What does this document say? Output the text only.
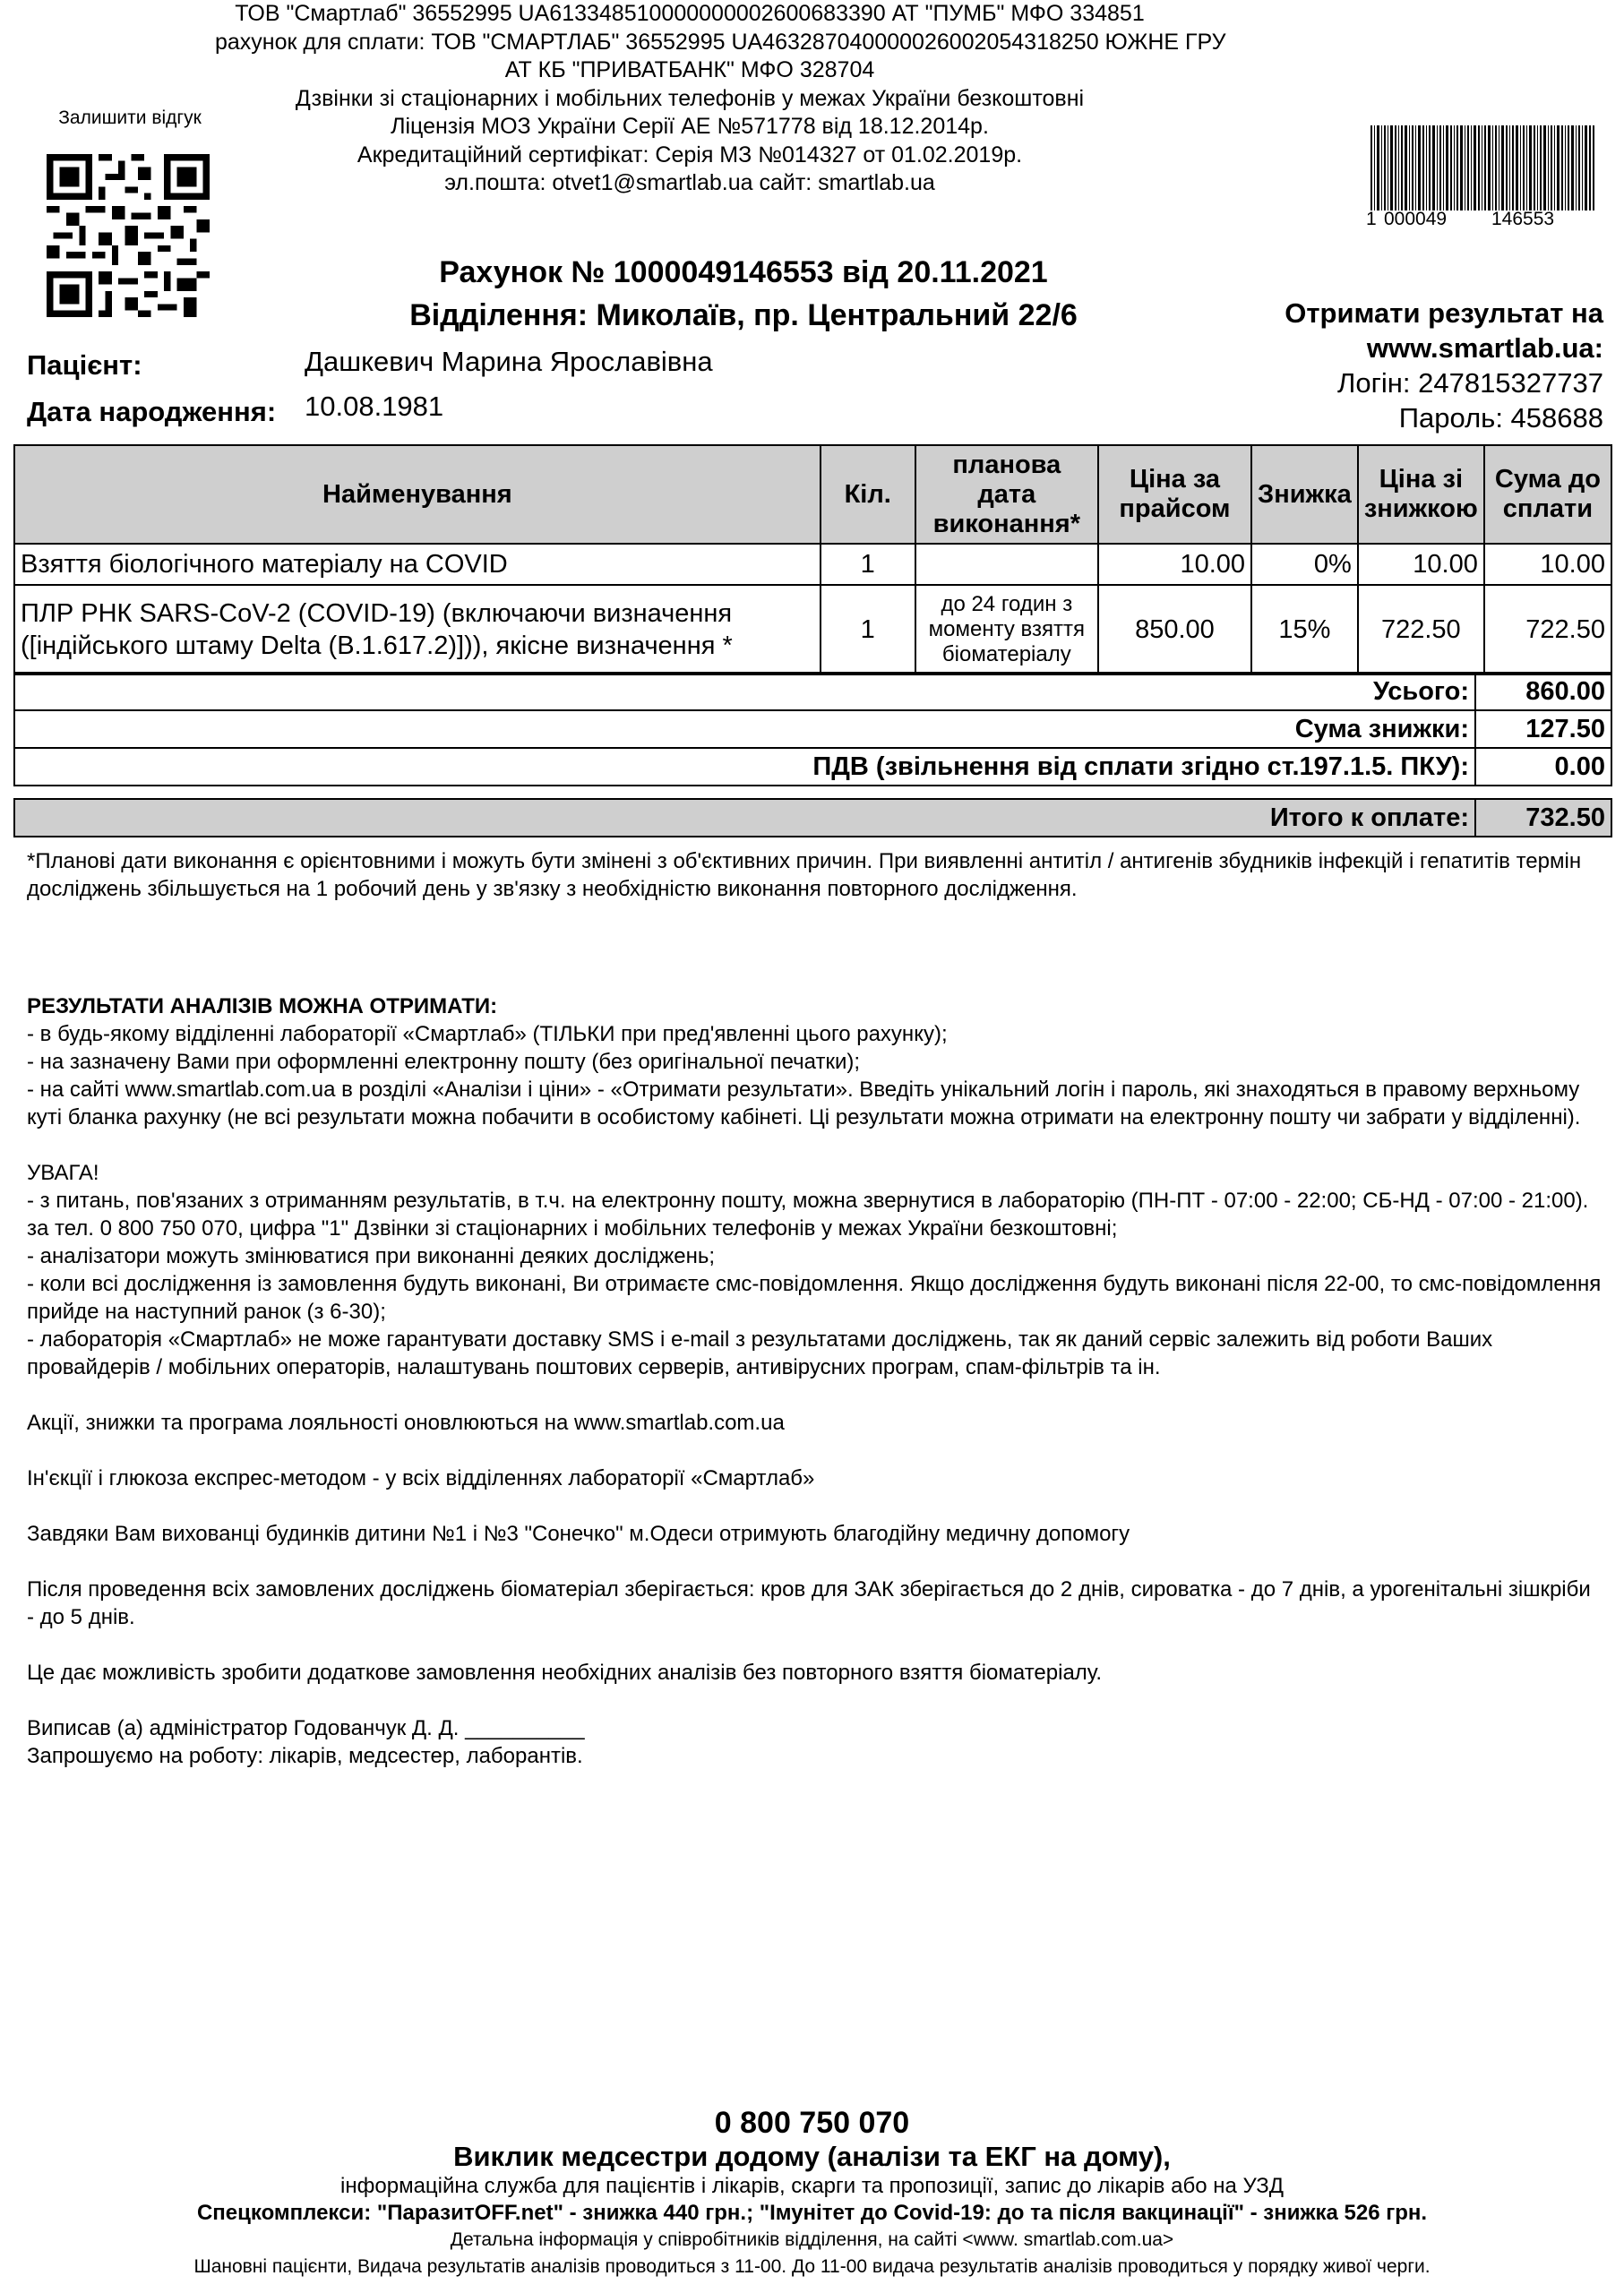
ТОВ "Смартлаб" 36552995 UA613348510000000002600683390 АТ "ПУМБ" МФО 334851
рахунок для сплати: ТОВ "СМАРТЛАБ" 36552995 UA463287040000026002054318250 ЮЖНЕ ГРУ
АТ КБ "ПРИВАТБАНК" МФО 328704
Дзвінки зі стаціонарних і мобільних телефонів у межах України безкоштовні
Ліцензія МОЗ України Серії АЕ №571778 від 18.12.2014р.
Акредитаційний сертифікат: Серія МЗ №014327 от 01.02.2019р.
эл.пошта: otvet1@smartlab.ua сайт: smartlab.ua
Залишити відгук
1 000049 146553
Рахунок № 1000049146553 від 20.11.2021
Відділення: Миколаїв, пр. Центральний 22/6	Отримати результат на
www.smartlab.ua:
Логін: 247815327737
Пароль: 458688
Пацієнт:	Дашкевич Марина Ярославівна
Дата народження: 10.08.1981
Найменування	Кіл.	планова дата виконання*	Ціна за прайсом	Знижка	Ціна зі знижкою	Сума до сплати
Взяття біологічного матеріалу на COVID	1		10.00	0%	10.00	10.00
ПЛР РНК SARS-CoV-2 (COVID-19) (включаючи визначення ([індійського штаму Delta (B.1.617.2)])), якісне визначення *	1	до 24 годин з моменту взяття біоматеріалу	850.00	15%	722.50	722.50
Усього:	860.00
Сума знижки:	127.50
ПДВ (звільнення від сплати згідно ст.197.1.5. ПКУ):	0.00
Итого к оплате:	732.50
*Планові дати виконання є орієнтовними і можуть бути змінені з об'єктивних причин. При виявленні антитіл / антигенів збудників інфекцій і гепатитів термін досліджень збільшується на 1 робочий день у зв'язку з необхідністю виконання повторного дослідження.

РЕЗУЛЬТАТИ АНАЛІЗІВ МОЖНА ОТРИМАТИ:

- в будь-якому відділенні лабораторії «Смартлаб» (ТІЛЬКИ при пред'явленні цього рахунку);

- на зазначену Вами при оформленні електронну пошту (без оригінальної печатки);

- на сайті www.smartlab.com.ua в розділі «Аналізи і ціни» - «Отримати результати». Введіть унікальний логін і пароль, які знаходяться в правому верхньому куті бланка рахунку (не всі результати можна побачити в особистому кабінеті. Ці результати можна отримати на електронну пошту чи забрати у відділенні).

УВАГА!

- з питань, пов'язаних з отриманням результатів, в т.ч. на електронну пошту, можна звернутися в лабораторію (ПН-ПТ - 07:00 - 22:00; СБ-НД - 07:00 - 21:00). за тел. 0 800 750 070, цифра "1" Дзвінки зі стаціонарних і мобільних телефонів у межах України безкоштовні;

- аналізатори можуть змінюватися при виконанні деяких досліджень;

- коли всі дослідження із замовлення будуть виконані, Ви отримаєте смс-повідомлення. Якщо дослідження будуть виконані після 22-00, то смс-повідомлення прийде на наступний ранок (з 6-30);

- лабораторія «Смартлаб» не може гарантувати доставку SMS і e-mail з результатами досліджень, так як даний сервіс залежить від роботи Ваших провайдерів / мобільних операторів, налаштувань поштових серверів, антивірусних програм, спам-фільтрів та ін.

Акції, знижки та програма лояльності оновлюються на www.smartlab.com.ua

Ін'єкції і глюкоза експрес-методом - у всіх відділеннях лабораторії «Смартлаб»

Завдяки Вам вихованці будинків дитини №1 і №3 "Сонечко" м.Одеси отримують благодійну медичну допомогу

Після проведення всіх замовлених досліджень біоматеріал зберігається: кров для ЗАК зберігається до 2 днів, сироватка - до 7 днів, а урогенітальні зішкріби - до 5 днів.

Це дає можливість зробити додаткове замовлення необхідних аналізів без повторного взяття біоматеріалу.

Виписав (а) адміністратор Годованчук Д. Д. __________

Запрошуємо на роботу: лікарів, медсестер, лаборантів.

0 800 750 070
Виклик медсестри додому (аналізи та ЕКГ на дому),
інформаційна служба для пацієнтів і лікарів, скарги та пропозиції, запис до лікарів або на УЗД
Спецкомплекси: "ПаразитOFF.net" - знижка 440 грн.; "Імунітет до Covid-19: до та після вакцинації" - знижка 526 грн.
Детальна інформація у співробітників відділення, на сайті <www. smartlab.com.ua>
Шановні пацієнти, Видача результатів аналізів проводиться з 11-00. До 11-00 видача результатів аналізів проводиться у порядку живої черги.
